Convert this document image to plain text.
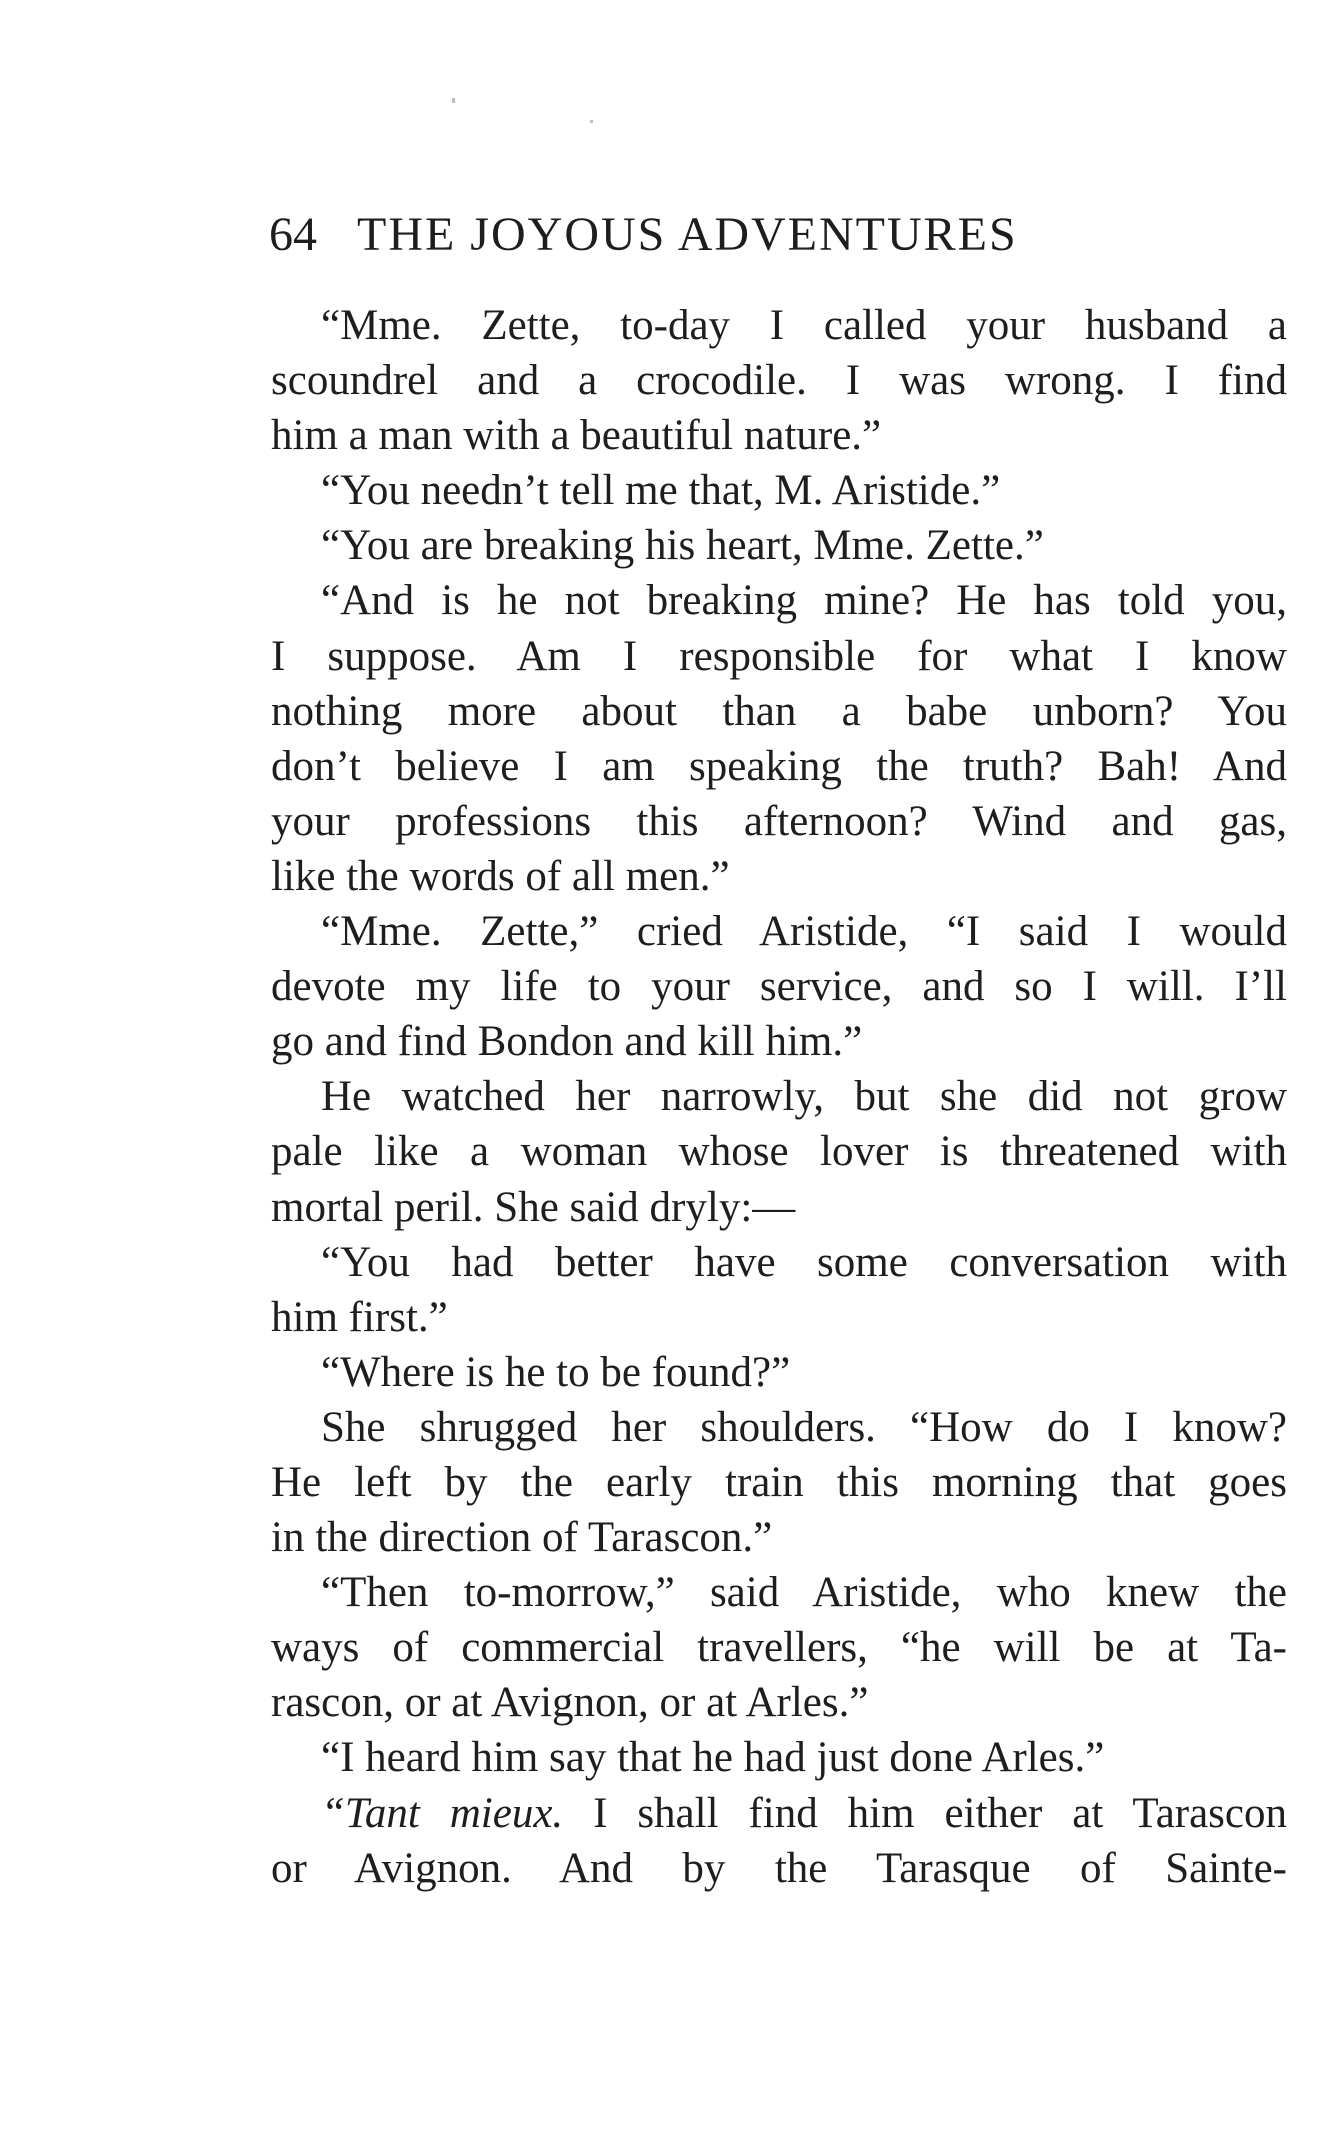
64 THE JOYOUS ADVENTURES
“Mme. Zette, to-day I called your husband a
scoundrel and a crocodile. I was wrong. I find
him a man with a beautiful nature.”
“You needn’t tell me that, M. Aristide.”
“You are breaking his heart, Mme. Zette.”
“And is he not breaking mine? He has told you,
I suppose. Am I responsible for what I know
nothing more about than a babe unborn? You
don’t believe I am speaking the truth? Bah! And
your professions this afternoon? Wind and gas,
like the words of all men.”
“Mme. Zette,” cried Aristide, “I said I would
devote my life to your service, and so I will. I’ll
go and find Bondon and kill him.”
He watched her narrowly, but she did not grow
pale like a woman whose lover is threatened with
mortal peril. She said dryly:—
“You had better have some conversation with
him first.”
“Where is he to be found?”
She shrugged her shoulders. “How do I know?
He left by the early train this morning that goes
in the direction of Tarascon.”
“Then to-morrow,” said Aristide, who knew the
ways of commercial travellers, “he will be at Ta-
rascon, or at Avignon, or at Arles.”
“I heard him say that he had just done Arles.”
“Tant mieux. I shall find him either at Tarascon
or Avignon. And by the Tarasque of Sainte-
